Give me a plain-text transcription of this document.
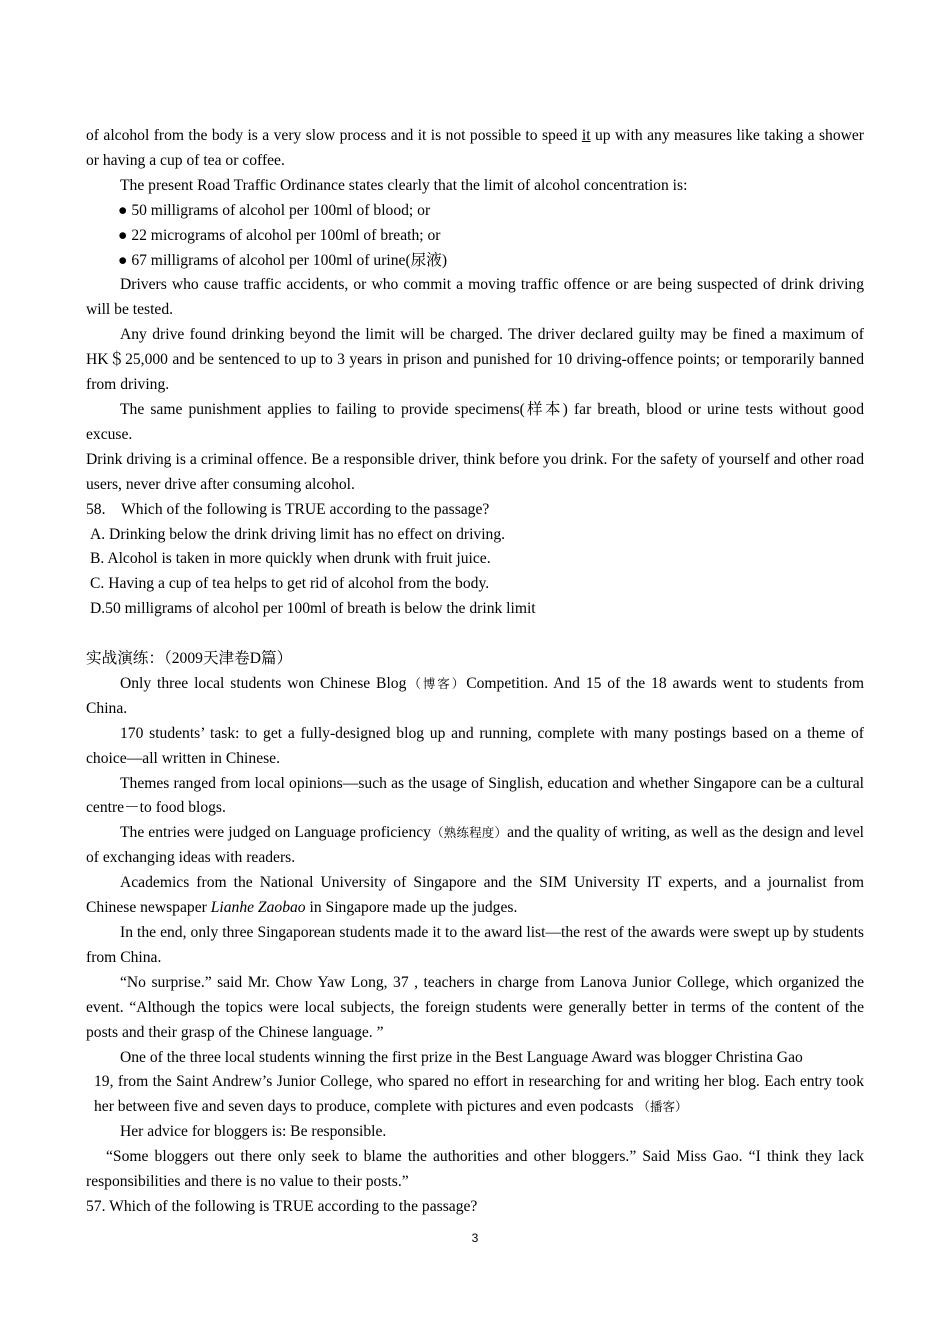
of alcohol from the body is a very slow process and it is not possible to speed it up with any measures like taking a shower or having a cup of tea or coffee.

The present Road Traffic Ordinance states clearly that the limit of alcohol concentration is:

● 50 milligrams of alcohol per 100ml of blood; or

● 22 micrograms of alcohol per 100ml of breath; or

● 67 milligrams of alcohol per 100ml of urine(尿液)

Drivers who cause traffic accidents, or who commit a moving traffic offence or are being suspected of drink driving will be tested.

Any drive found drinking beyond the limit will be charged. The driver declared guilty may be fined a maximum of HK＄25,000 and be sentenced to up to 3 years in prison and punished for 10 driving-offence points; or temporarily banned from driving.

The same punishment applies to failing to provide specimens(样本) far breath, blood or urine tests without good excuse.

Drink driving is a criminal offence. Be a responsible driver, think before you drink. For the safety of yourself and other road users, never drive after consuming alcohol.

58.　Which of the following is TRUE according to the passage?

A. Drinking below the drink driving limit has no effect on driving.

B. Alcohol is taken in more quickly when drunk with fruit juice.

C. Having a cup of tea helps to get rid of alcohol from the body.

D.50 milligrams of alcohol per 100ml of breath is below the drink limit

实战演练：（2009天津卷D篇）

Only three local students won Chinese Blog（博客）Competition. And 15 of the 18 awards went to students from China.

170 students’ task: to get a fully-designed blog up and running, complete with many postings based on a theme of choice—all written in Chinese.

Themes ranged from local opinions—such as the usage of Singlish, education and whether Singapore can be a cultural centre－to food blogs.

The entries were judged on Language proficiency（熟练程度）and the quality of writing, as well as the design and level of exchanging ideas with readers.

Academics from the National University of Singapore and the SIM University IT experts, and a journalist from Chinese newspaper Lianhe Zaobao in Singapore made up the judges.

In the end, only three Singaporean students made it to the award list—the rest of the awards were swept up by students from China.

“No surprise.” said Mr. Chow Yaw Long, 37 , teachers in charge from Lanova Junior College, which organized the event. “Although the topics were local subjects, the foreign students were generally better in terms of the content of the posts and their grasp of the Chinese language. ”

One of the three local students winning the first prize in the Best Language Award was blogger Christina Gao

19, from the Saint Andrew’s Junior College, who spared no effort in researching for and writing her blog. Each entry took her between five and seven days to produce, complete with pictures and even podcasts （播客）

Her advice for bloggers is: Be responsible.

“Some bloggers out there only seek to blame the authorities and other bloggers.” Said Miss Gao. “I think they lack responsibilities and there is no value to their posts.”

57. Which of the following is TRUE according to the passage?

3
